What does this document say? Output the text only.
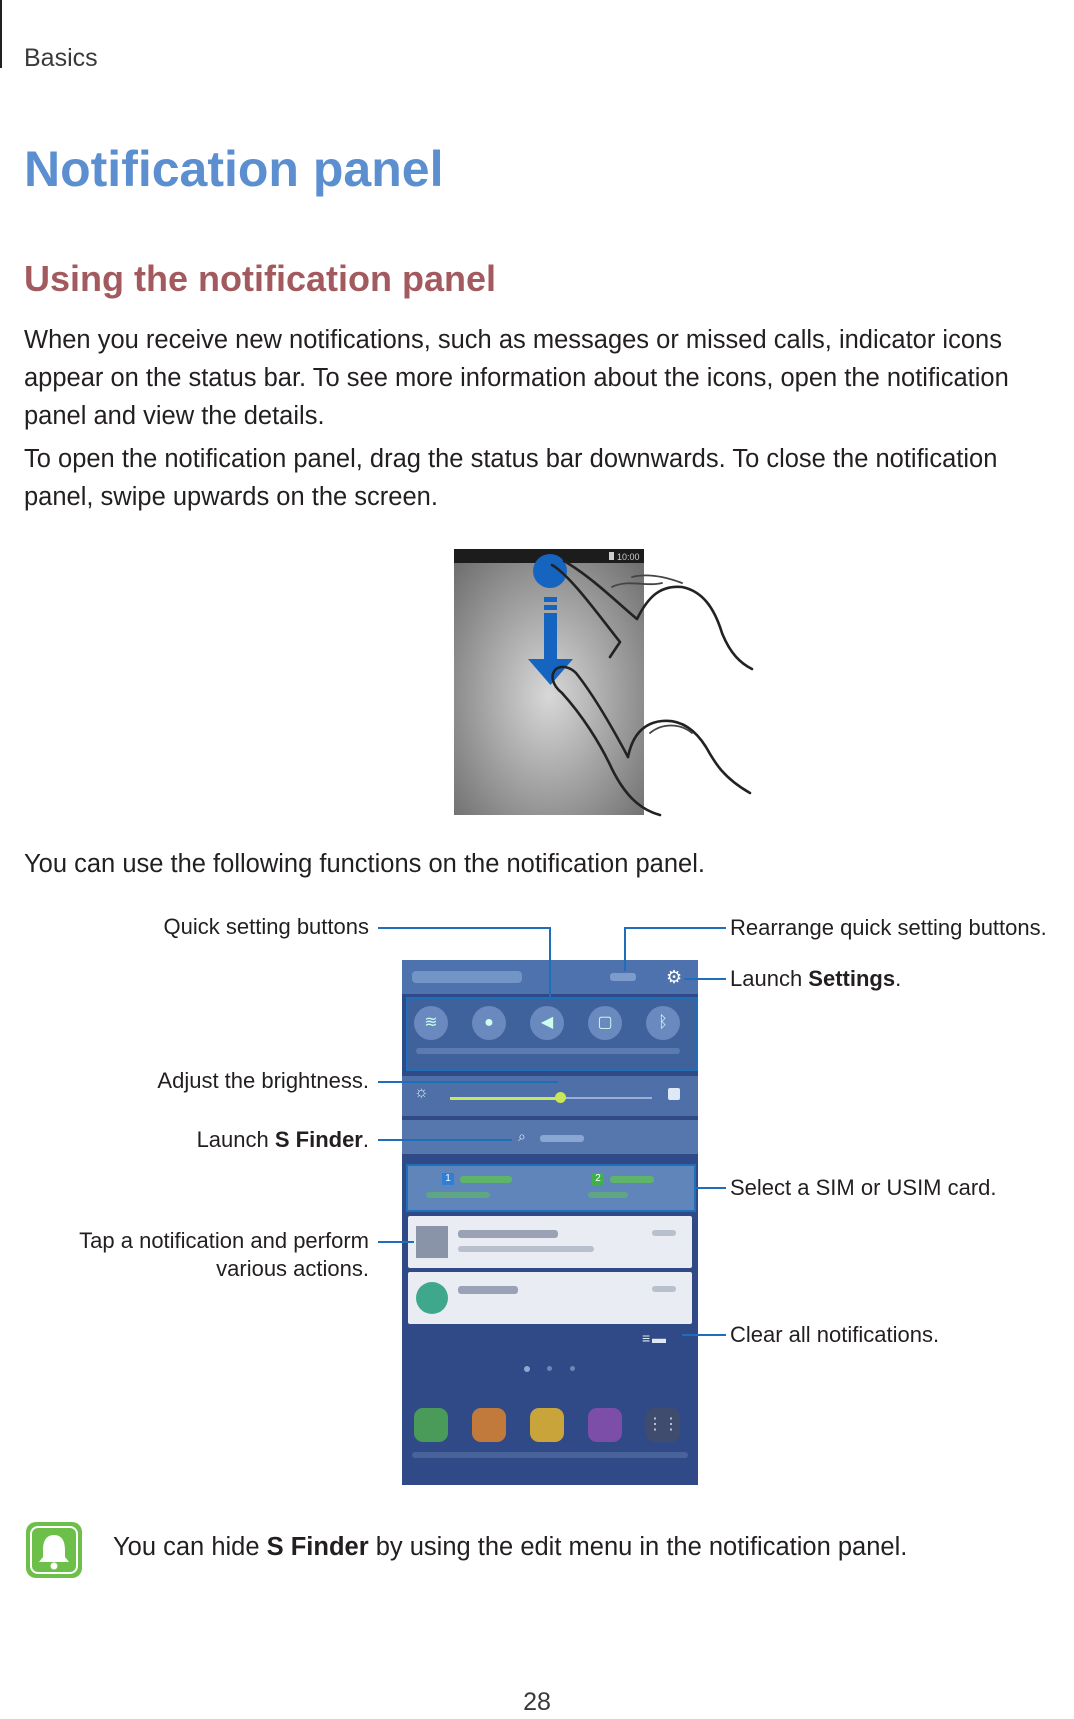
Basics
Notification panel
Using the notification panel
When you receive new notifications, such as messages or missed calls, indicator icons appear on the status bar. To see more information about the icons, open the notification panel and view the details.
To open the notification panel, drag the status bar downwards. To close the notification panel, swipe upwards on the screen.
10:00
You can use the following functions on the notification panel.
⚙
≋	●	◀	▢	ᛒ
☼
⌕
1	2
≡ ▬
⋮⋮
Quick setting buttons	Rearrange quick setting buttons.
Launch Settings.
Adjust the brightness.
Launch S Finder.
Select a SIM or USIM card.
Tap a notification and perform
various actions.
Clear all notifications.
You can hide S Finder by using the edit menu in the notification panel.
28
